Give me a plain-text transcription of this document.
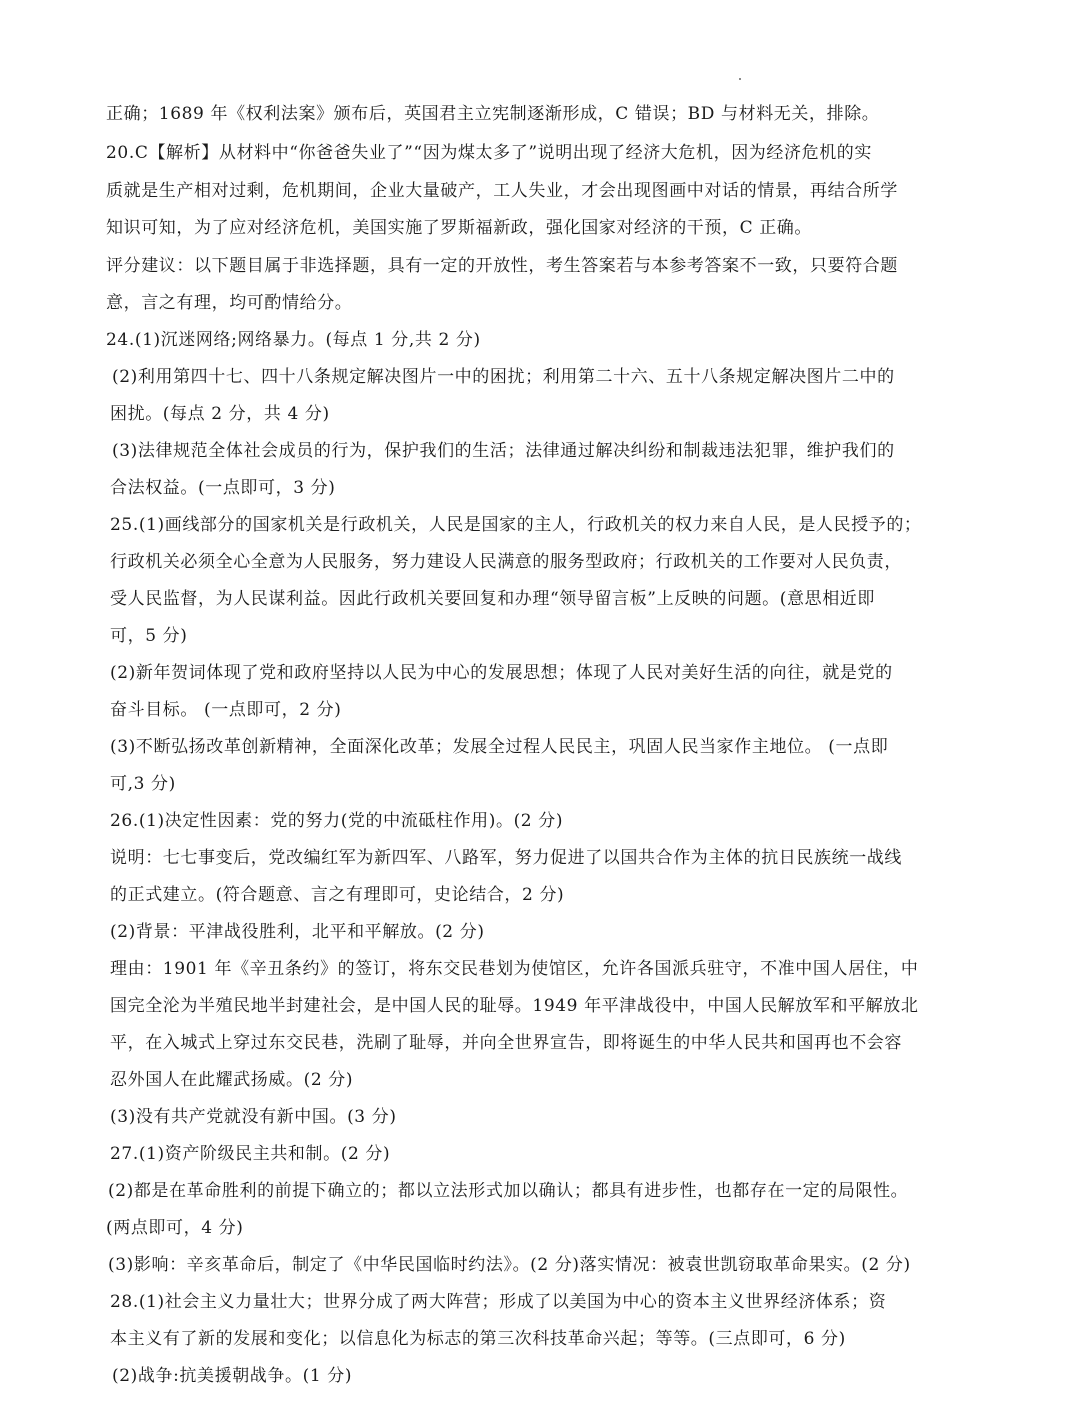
正确；1689 年《权利法案》颁布后，英国君主立宪制逐渐形成，C 错误；BD 与材料无关，排除。
20.C【解析】从材料中“你爸爸失业了”“因为煤太多了”说明出现了经济大危机，因为经济危机的实
质就是生产相对过剩，危机期间，企业大量破产，工人失业，才会出现图画中对话的情景，再结合所学
知识可知，为了应对经济危机，美国实施了罗斯福新政，强化国家对经济的干预，C 正确。
评分建议：以下题目属于非选择题，具有一定的开放性，考生答案若与本参考答案不一致，只要符合题
意，言之有理，均可酌情给分。
24.(1)沉迷网络;网络暴力。(每点 1 分,共 2 分)
(2)利用第四十七、四十八条规定解决图片一中的困扰；利用第二十六、五十八条规定解决图片二中的
困扰。(每点 2 分，共 4 分)
(3)法律规范全体社会成员的行为，保护我们的生活；法律通过解决纠纷和制裁违法犯罪，维护我们的
合法权益。(一点即可，3 分)
25.(1)画线部分的国家机关是行政机关，人民是国家的主人，行政机关的权力来自人民，是人民授予的；
行政机关必须全心全意为人民服务，努力建设人民满意的服务型政府；行政机关的工作要对人民负责，
受人民监督，为人民谋利益。因此行政机关要回复和办理“领导留言板”上反映的问题。(意思相近即
可，5 分)
(2)新年贺词体现了党和政府坚持以人民为中心的发展思想；体现了人民对美好生活的向往，就是党的
奋斗目标。 (一点即可，2 分)
(3)不断弘扬改革创新精神，全面深化改革；发展全过程人民民主，巩固人民当家作主地位。 (一点即
可,3 分)
26.(1)决定性因素：党的努力(党的中流砥柱作用)。(2 分)
说明：七七事变后，党改编红军为新四军、八路军，努力促进了以国共合作为主体的抗日民族统一战线
的正式建立。(符合题意、言之有理即可，史论结合，2 分)
(2)背景：平津战役胜利，北平和平解放。(2 分)
理由：1901 年《辛丑条约》的签订，将东交民巷划为使馆区，允许各国派兵驻守，不准中国人居住，中
国完全沦为半殖民地半封建社会，是中国人民的耻辱。1949 年平津战役中，中国人民解放军和平解放北
平，在入城式上穿过东交民巷，洗刷了耻辱，并向全世界宣告，即将诞生的中华人民共和国再也不会容
忍外国人在此耀武扬威。(2 分)
(3)没有共产党就没有新中国。(3 分)
27.(1)资产阶级民主共和制。(2 分)
(2)都是在革命胜利的前提下确立的；都以立法形式加以确认；都具有进步性，也都存在一定的局限性。
(两点即可，4 分)
(3)影响：辛亥革命后，制定了《中华民国临时约法》。(2 分)落实情况：被袁世凯窃取革命果实。(2 分)
28.(1)社会主义力量壮大；世界分成了两大阵营；形成了以美国为中心的资本主义世界经济体系；资
本主义有了新的发展和变化；以信息化为标志的第三次科技革命兴起；等等。(三点即可，6 分)
(2)战争:抗美援朝战争。(1 分)
